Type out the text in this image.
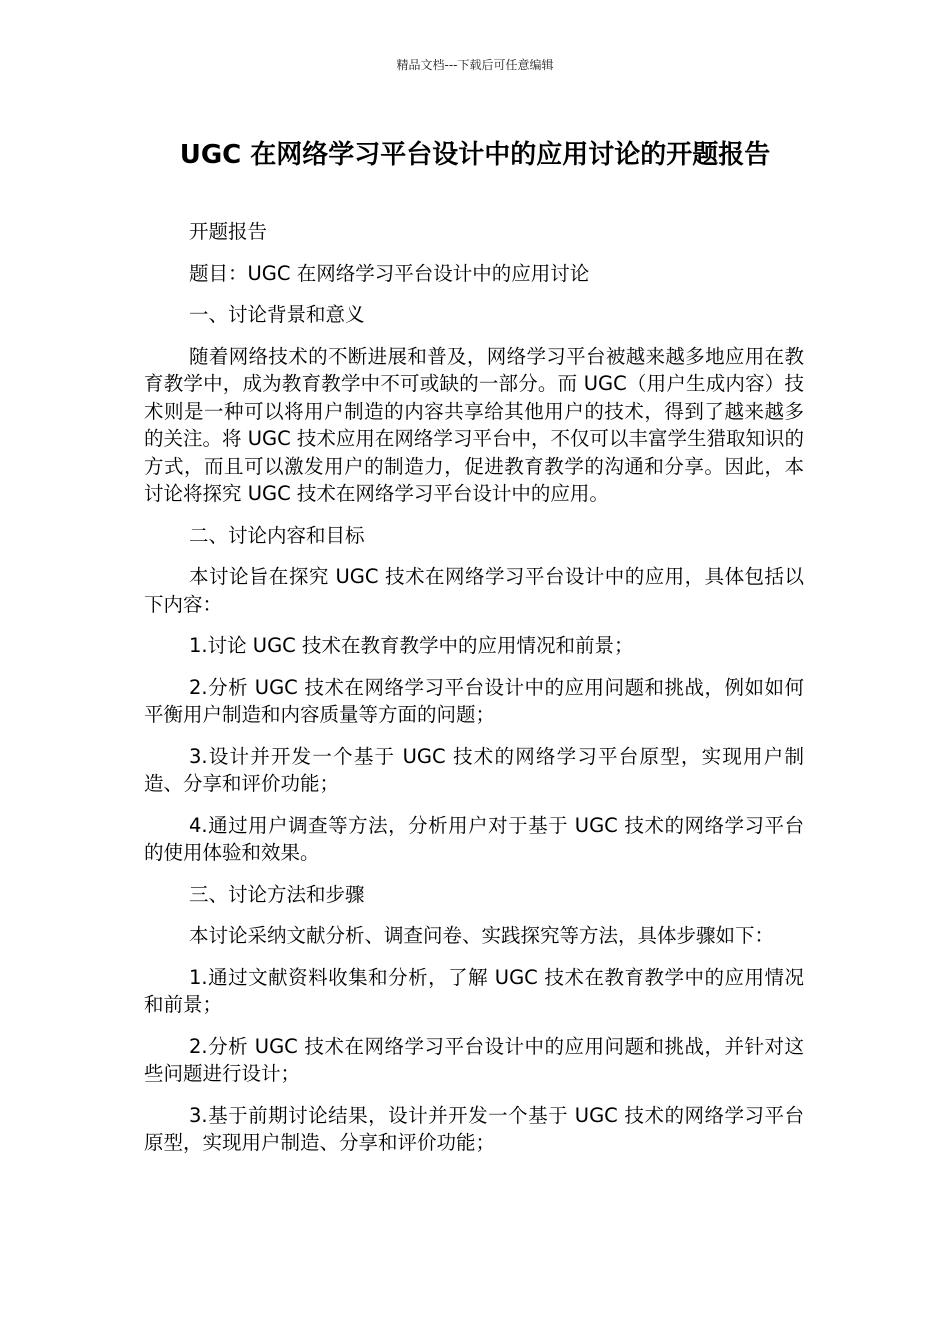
精品文档---下载后可任意编辑
UGC 在网络学习平台设计中的应用讨论的开题报告

开题报告

题目：UGC 在网络学习平台设计中的应用讨论

一、讨论背景和意义

随着网络技术的不断进展和普及，网络学习平台被越来越多地应用在教育教学中，成为教育教学中不可或缺的一部分。而 UGC（用户生成内容）技术则是一种可以将用户制造的内容共享给其他用户的技术，得到了越来越多的关注。将 UGC 技术应用在网络学习平台中，不仅可以丰富学生猎取知识的方式，而且可以激发用户的制造力，促进教育教学的沟通和分享。因此，本讨论将探究 UGC 技术在网络学习平台设计中的应用。

二、讨论内容和目标

本讨论旨在探究 UGC 技术在网络学习平台设计中的应用，具体包括以下内容：

1.讨论 UGC 技术在教育教学中的应用情况和前景；

2.分析 UGC 技术在网络学习平台设计中的应用问题和挑战，例如如何平衡用户制造和内容质量等方面的问题；

3.设计并开发一个基于 UGC 技术的网络学习平台原型，实现用户制造、分享和评价功能；

4.通过用户调查等方法，分析用户对于基于 UGC 技术的网络学习平台的使用体验和效果。

三、讨论方法和步骤

本讨论采纳文献分析、调查问卷、实践探究等方法，具体步骤如下：

1.通过文献资料收集和分析，了解 UGC 技术在教育教学中的应用情况和前景；

2.分析 UGC 技术在网络学习平台设计中的应用问题和挑战，并针对这些问题进行设计；

3.基于前期讨论结果，设计并开发一个基于 UGC 技术的网络学习平台原型，实现用户制造、分享和评价功能；
